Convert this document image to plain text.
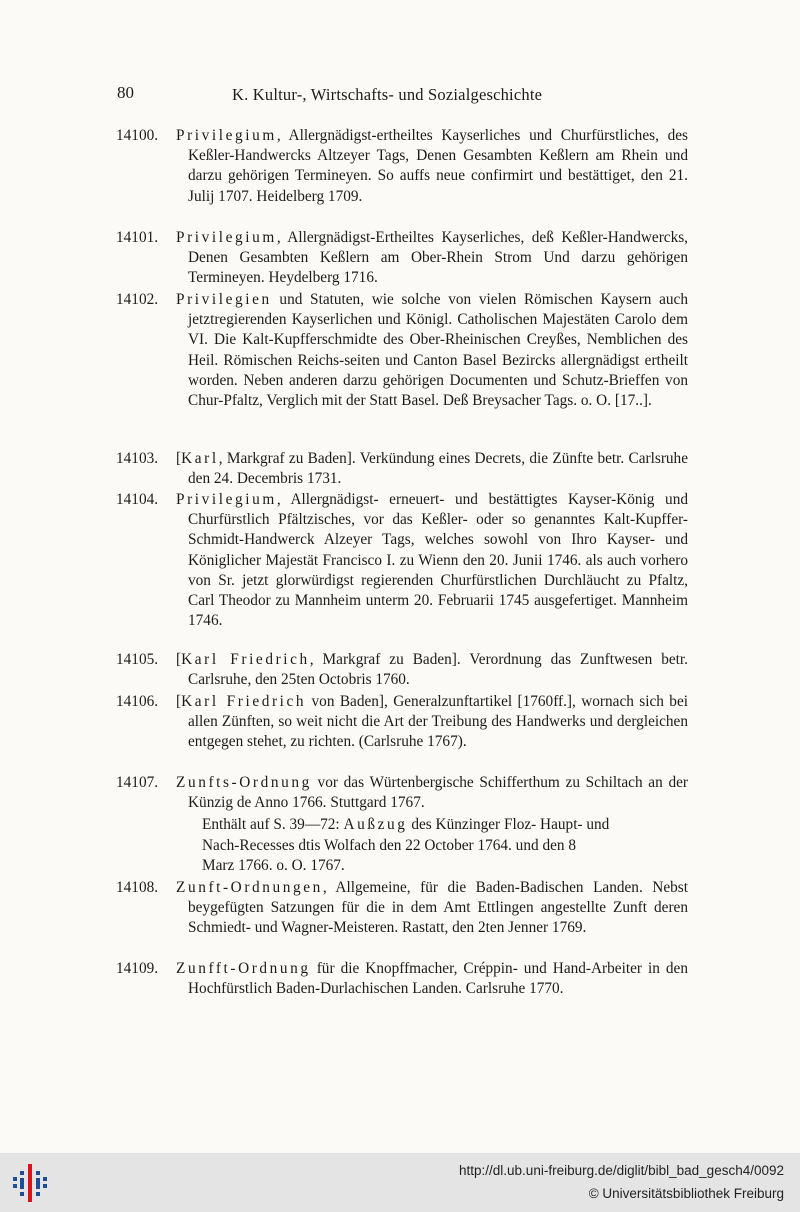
80	K. Kultur-, Wirtschafts- und Sozialgeschichte
14100.	Privilegium, Allergnädigst-ertheiltes Kayserliches und Churfürstliches, des Keßler-Handwercks Altzeyer Tags, Denen Gesambten Keßlern am Rhein und darzu gehörigen Termineyen. So auffs neue confirmirt und bestättiget, den 21. Julij 1707. Heidelberg 1709.
14101.	Privilegium, Allergnädigst-Ertheiltes Kayserliches, deß Keßler-Handwercks, Denen Gesambten Keßlern am Ober-Rhein Strom Und darzu gehörigen Termineyen. Heydelberg 1716.
14102.	Privilegien und Statuten, wie solche von vielen Römischen Kaysern auch jetztregierenden Kayserlichen und Königl. Catholischen Majestäten Carolo dem VI. Die Kalt-Kupfferschmidte des Ober-Rheinischen Creyßes, Nemblichen des Heil. Römischen Reichs-seiten und Canton Basel Bezircks allergnädigst ertheilt worden. Neben anderen darzu gehörigen Documenten und Schutz-Brieffen von Chur-Pfaltz, Verglich mit der Statt Basel. Deß Breysacher Tags. o. O. [17..].
14103.	[Karl, Markgraf zu Baden]. Verkündung eines Decrets, die Zünfte betr. Carlsruhe den 24. Decembris 1731.
14104.	Privilegium, Allergnädigst- erneuert- und bestättigtes Kayser-König und Churfürstlich Pfältzisches, vor das Keßler- oder so genanntes Kalt-Kupffer-Schmidt-Handwerck Alzeyer Tags, welches sowohl von Ihro Kayser- und Königlicher Majestät Francisco I. zu Wienn den 20. Junii 1746. als auch vorhero von Sr. jetzt glorwürdigst regierenden Churfürstlichen Durchläucht zu Pfaltz, Carl Theodor zu Mannheim unterm 20. Februarii 1745 ausgefertiget. Mannheim 1746.
14105.	[Karl Friedrich, Markgraf zu Baden]. Verordnung das Zunftwesen betr. Carlsruhe, den 25ten Octobris 1760.
14106.	[Karl Friedrich von Baden], Generalzunftartikel [1760ff.], wornach sich bei allen Zünften, so weit nicht die Art der Treibung des Handwerks und dergleichen entgegen stehet, zu richten. (Carlsruhe 1767).
14107.	Zunfts-Ordnung vor das Würtenbergische Schifferthum zu Schiltach an der Künzig de Anno 1766. Stuttgard 1767.
Enthält auf S. 39—72: Außzug des Künzinger Floz- Haupt- und Nach-Recesses dtis Wolfach den 22 October 1764. und den 8 Marz 1766. o. O. 1767.
14108.	Zunft-Ordnungen, Allgemeine, für die Baden-Badischen Landen. Nebst beygefügten Satzungen für die in dem Amt Ettlingen angestellte Zunft deren Schmiedt- und Wagner-Meisteren. Rastatt, den 2ten Jenner 1769.
14109.	Zunfft-Ordnung für die Knopffmacher, Créppin- und Hand-Arbeiter in den Hochfürstlich Baden-Durlachischen Landen. Carlsruhe 1770.
http://dl.ub.uni-freiburg.de/diglit/bibl_bad_gesch4/0092
© Universitätsbibliothek Freiburg
